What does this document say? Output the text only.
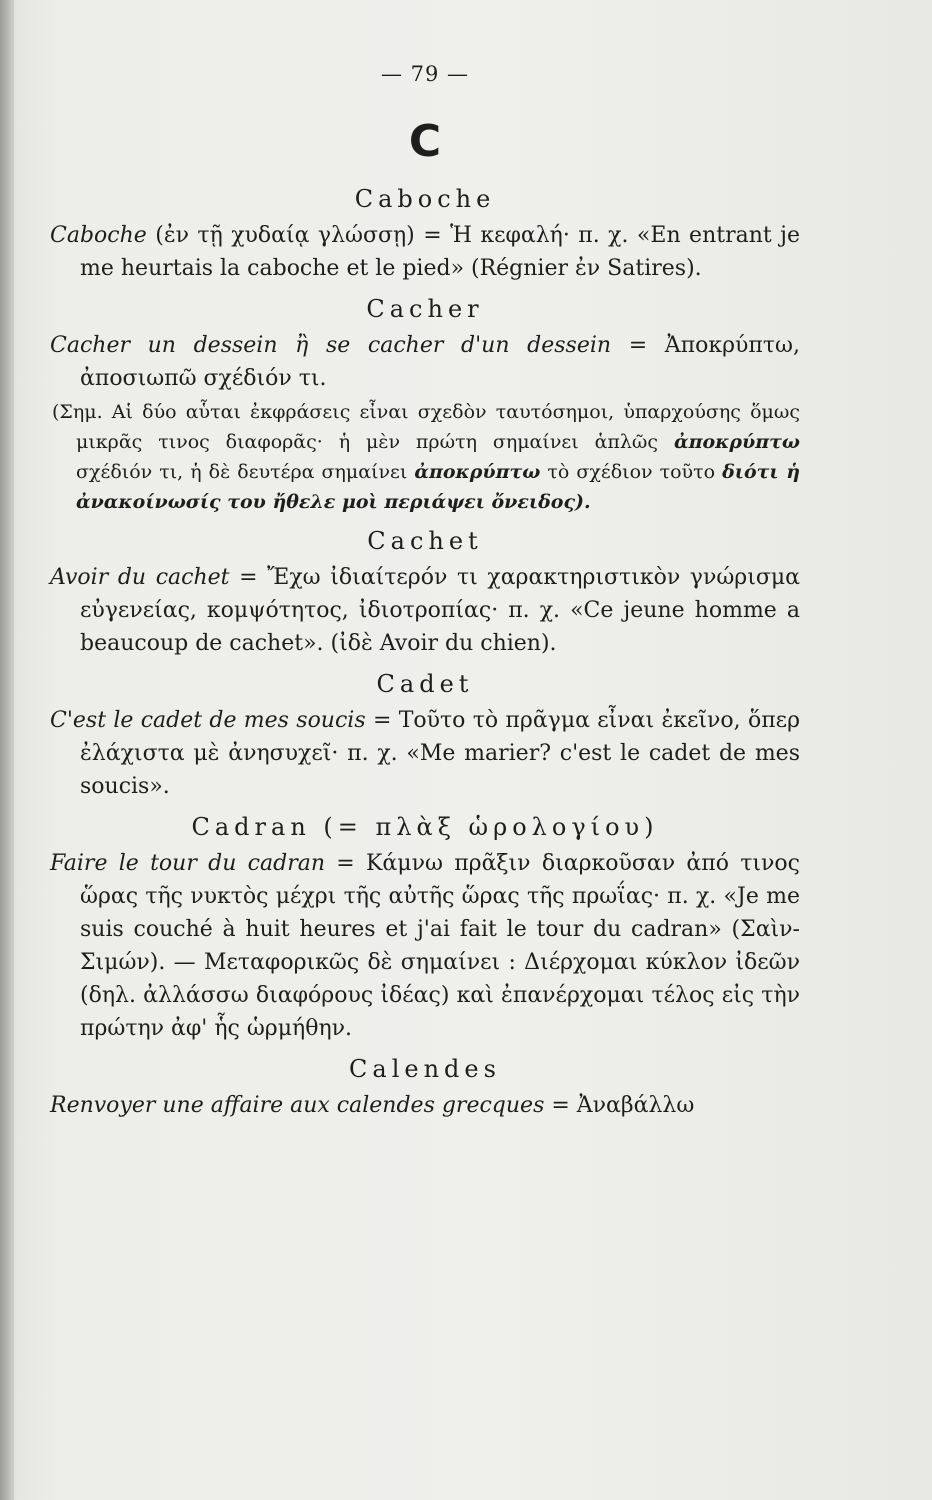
— 79 —
C
Caboche

Caboche (ἐν τῇ χυδαίᾳ γλώσσῃ) = Ἡ κεφαλή· π. χ. «En entrant je me heurtais la caboche et le pied» (Régnier ἐν Satires).

Cacher

Cacher un dessein ἢ se cacher d'un dessein = Ἀποκρύπτω, ἀποσιωπῶ σχέδιόν τι.

(Σημ. Αἱ δύο αὗται ἐκφράσεις εἶναι σχεδὸν ταυτόσημοι, ὑπαρχούσης ὅμως μικρᾶς τινος διαφορᾶς· ἡ μὲν πρώτη σημαίνει ἁπλῶς ἀποκρύπτω σχέδιόν τι, ἡ δὲ δευτέρα σημαίνει ἀποκρύπτω τὸ σχέδιον τοῦτο διότι ἡ ἀνακοίνωσίς του ἤθελε μοὶ περιάψει ὄνειδος).

Cachet

Avoir du cachet = Ἔχω ἰδιαίτερόν τι χαρακτηριστικὸν γνώρισμα εὐγενείας, κομψότητος, ἰδιοτροπίας· π. χ. «Ce jeune homme a beaucoup de cachet». (ἰδὲ Avoir du chien).

Cadet

C'est le cadet de mes soucis = Τοῦτο τὸ πρᾶγμα εἶναι ἐκεῖνο, ὅπερ ἐλάχιστα μὲ ἀνησυχεῖ· π. χ. «Me marier? c'est le cadet de mes soucis».

Cadran (= πλὰξ ὡρολογίου)

Faire le tour du cadran = Κάμνω πρᾶξιν διαρκοῦσαν ἀπό τινος ὥρας τῆς νυκτὸς μέχρι τῆς αὐτῆς ὥρας τῆς πρωΐας· π. χ. «Je me suis couché à huit heures et j'ai fait le tour du cadran» (Σαὶν-Σιμών). — Μεταφορικῶς δὲ σημαίνει : Διέρχομαι κύκλον ἰδεῶν (δηλ. ἀλλάσσω διαφόρους ἰδέας) καὶ ἐπανέρχομαι τέλος εἰς τὴν πρώτην ἀφ' ἧς ὡρμήθην.

Calendes

Renvoyer une affaire aux calendes grecques = Ἀναβάλλω
